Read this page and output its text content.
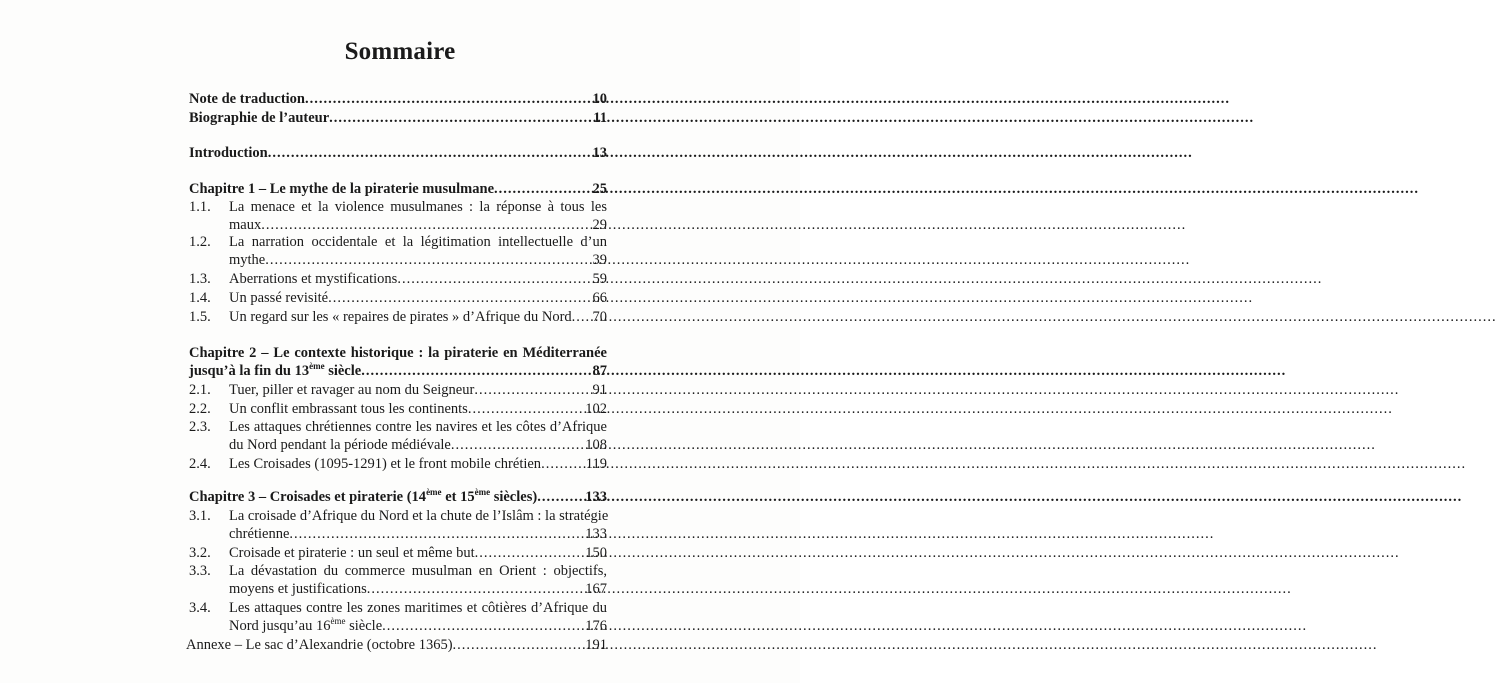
Sommaire
Note de traduction .....	10
Biographie de l’auteur .....	11
Introduction .....	13
Chapitre 1 – Le mythe de la piraterie musulmane .....	25
1.1.	La menace et la violence musulmanes : la réponse à tous les
maux .....	29
1.2.	La narration occidentale et la légitimation intellectuelle d’un
mythe .....	39
1.3.	Aberrations et mystifications .....	59
1.4.	Un passé revisité .....	66
1.5.	Un regard sur les « repaires de pirates » d’Afrique du Nord ..... 70
Chapitre 2 – Le contexte historique : la piraterie en Méditerranée
jusqu’à la fin du 13ème siècle .....	87
2.1.	Tuer, piller et ravager au nom du Seigneur .....	91
2.2.	Un conflit embrassant tous les continents .....	102
2.3.	Les attaques chrétiennes contre les navires et les côtes d’Afrique
du Nord pendant la période médiévale .....	108
2.4.	Les Croisades (1095-1291) et le front mobile chrétien .....	119
Chapitre 3 – Croisades et piraterie (14ème et 15ème siècles) .....	133
3.1.	La croisade d’Afrique du Nord et la chute de l’Islâm : la stratégie
chrétienne .....	133
3.2.	Croisade et piraterie : un seul et même but .....	150
3.3.	La dévastation du commerce musulman en Orient : objectifs,
moyens et justifications .....	167
3.4.	Les attaques contre les zones maritimes et côtières d’Afrique du
Nord jusqu’au 16ème siècle .....	176
Annexe – Le sac d’Alexandrie (octobre 1365) .....	191
